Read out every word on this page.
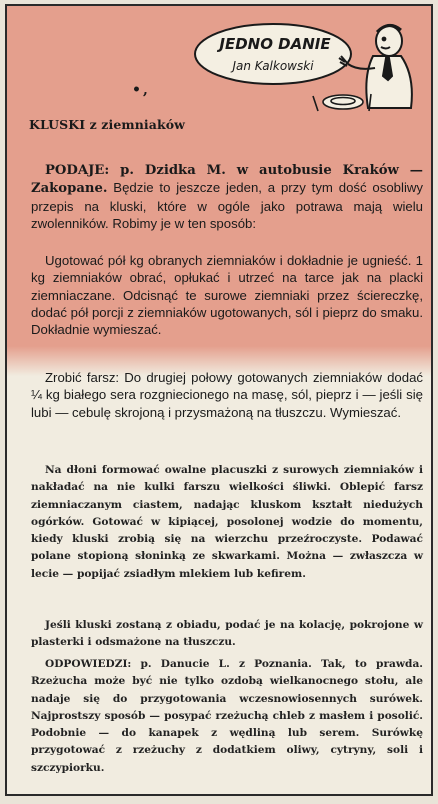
JEDNO DANIE
Jan Kalkowski
•,
KLUSKI z ziemniaków

PODAJE: p. Dzidka M. w autobusie Kraków —Zakopane. Będzie to jeszcze jeden, a przy tym dość osobliwy przepis na kluski, które w ogóle jako potrawa mają wielu zwolenników. Robimy je w ten sposób:

Ugotować pół kg obranych ziemniaków i dokładnie je ugnieść. 1 kg ziemniaków obrać, opłukać i utrzeć na tarce jak na placki ziemniaczane. Odcisnąć te surowe ziemniaki przez ściereczkę, dodać pół porcji z ziemniaków ugotowanych, sól i pieprz do smaku. Dokładnie wymieszać.

Zrobić farsz: Do drugiej połowy gotowanych ziemniaków dodać ¼ kg białego sera rozgniecionego na masę, sól, pieprz i — jeśli się lubi — cebulę skrojoną i przysmażoną na tłuszczu. Wymieszać.

Na dłoni formować owalne placuszki z surowych ziemniaków i nakładać na nie kulki farszu wielkości śliwki. Oblepić farsz ziemniaczanym ciastem, nadając kluskom kształt niedużych ogórków. Gotować w kipiącej, posolonej wodzie do momentu, kiedy kluski zrobią się na wierzchu przeźroczyste. Podawać polane stopioną słoninką ze skwarkami. Można — zwłaszcza w lecie — popijać zsiadłym mlekiem lub kefirem.

Jeśli kluski zostaną z obiadu, podać je na kolację, pokrojone w plasterki i odsmażone na tłuszczu.

ODPOWIEDZI: p. Danucie L. z Poznania. Tak, to prawda. Rzeżucha może być nie tylko ozdobą wielkanocnego stołu, ale nadaje się do przygotowania wczesnowiosennych surówek. Najprostszy sposób — posypać rzeżuchą chleb z masłem i posolić. Podobnie — do kanapek z wędliną lub serem. Surówkę przygotować z rzeżuchy z dodatkiem oliwy, cytryny, soli i szczypiorku.
